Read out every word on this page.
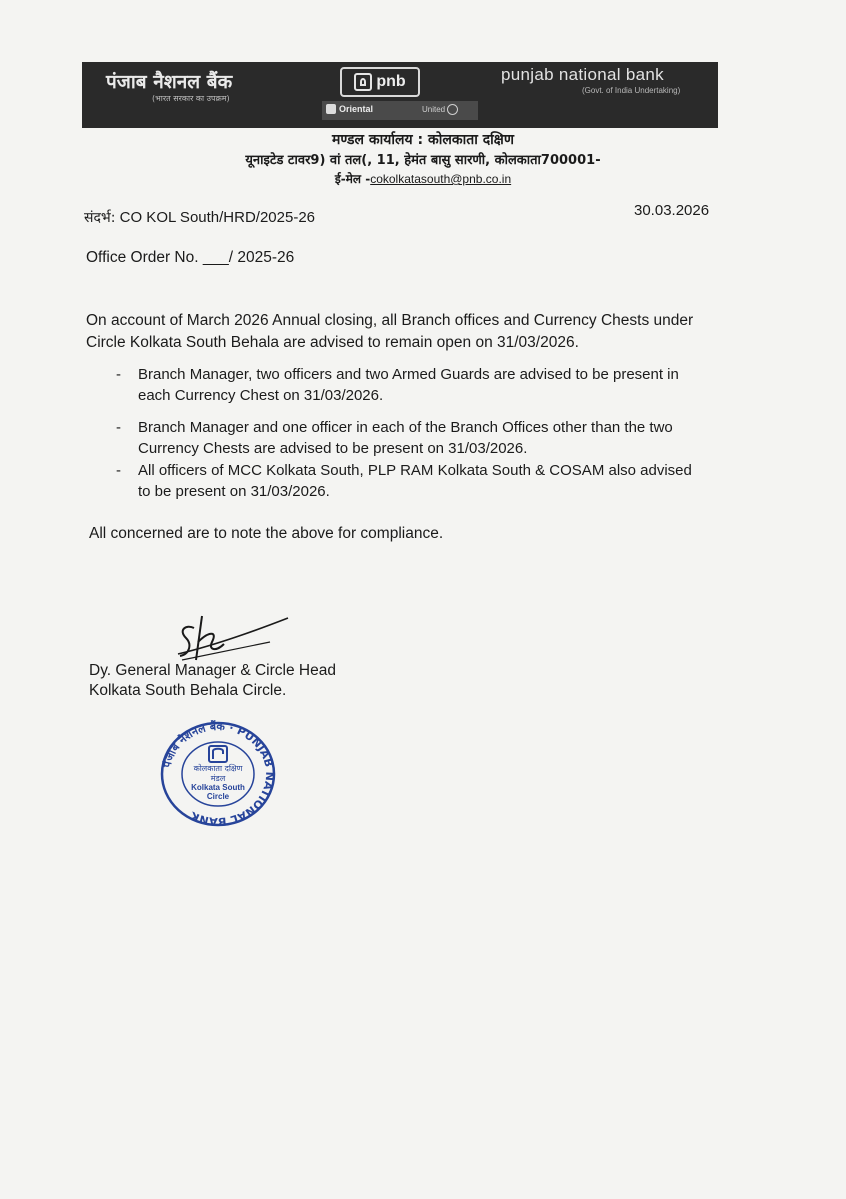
पंजाब नैशनल बैंक
(भारत सरकार का उपक्रम)
pnb	punjab national bank
(Govt. of India Undertaking)
Oriental	United
मण्डल कार्यालय : कोलकाता दक्षिण
यूनाइटेड टावर9) वां तल(, 11, हेमंत बासु सारणी, कोलकाता700001-
ई-मेल -cokolkatasouth@pnb.co.in
संदर्भ: CO KOL South/HRD/2025-26	30.03.2026
Office Order No. ___/ 2025-26
On account of March 2026 Annual closing, all Branch offices and Currency Chests under
Circle Kolkata South Behala are advised to remain open on 31/03/2026.
- Branch Manager, two officers and two Armed Guards are advised to be present in
each Currency Chest on 31/03/2026.
- Branch Manager and one officer in each of the Branch Offices other than the two
Currency Chests are advised to be present on 31/03/2026.
- All officers of MCC Kolkata South, PLP RAM Kolkata South & COSAM also advised
to be present on 31/03/2026.
All concerned are to note the above for compliance.
Dy. General Manager & Circle Head
Kolkata South Behala Circle.
पंजाब नैशनल बैंक · PUNJAB NATIONAL BANK
कोलकाता दक्षिण
मंडल
Kolkata South
Circle
